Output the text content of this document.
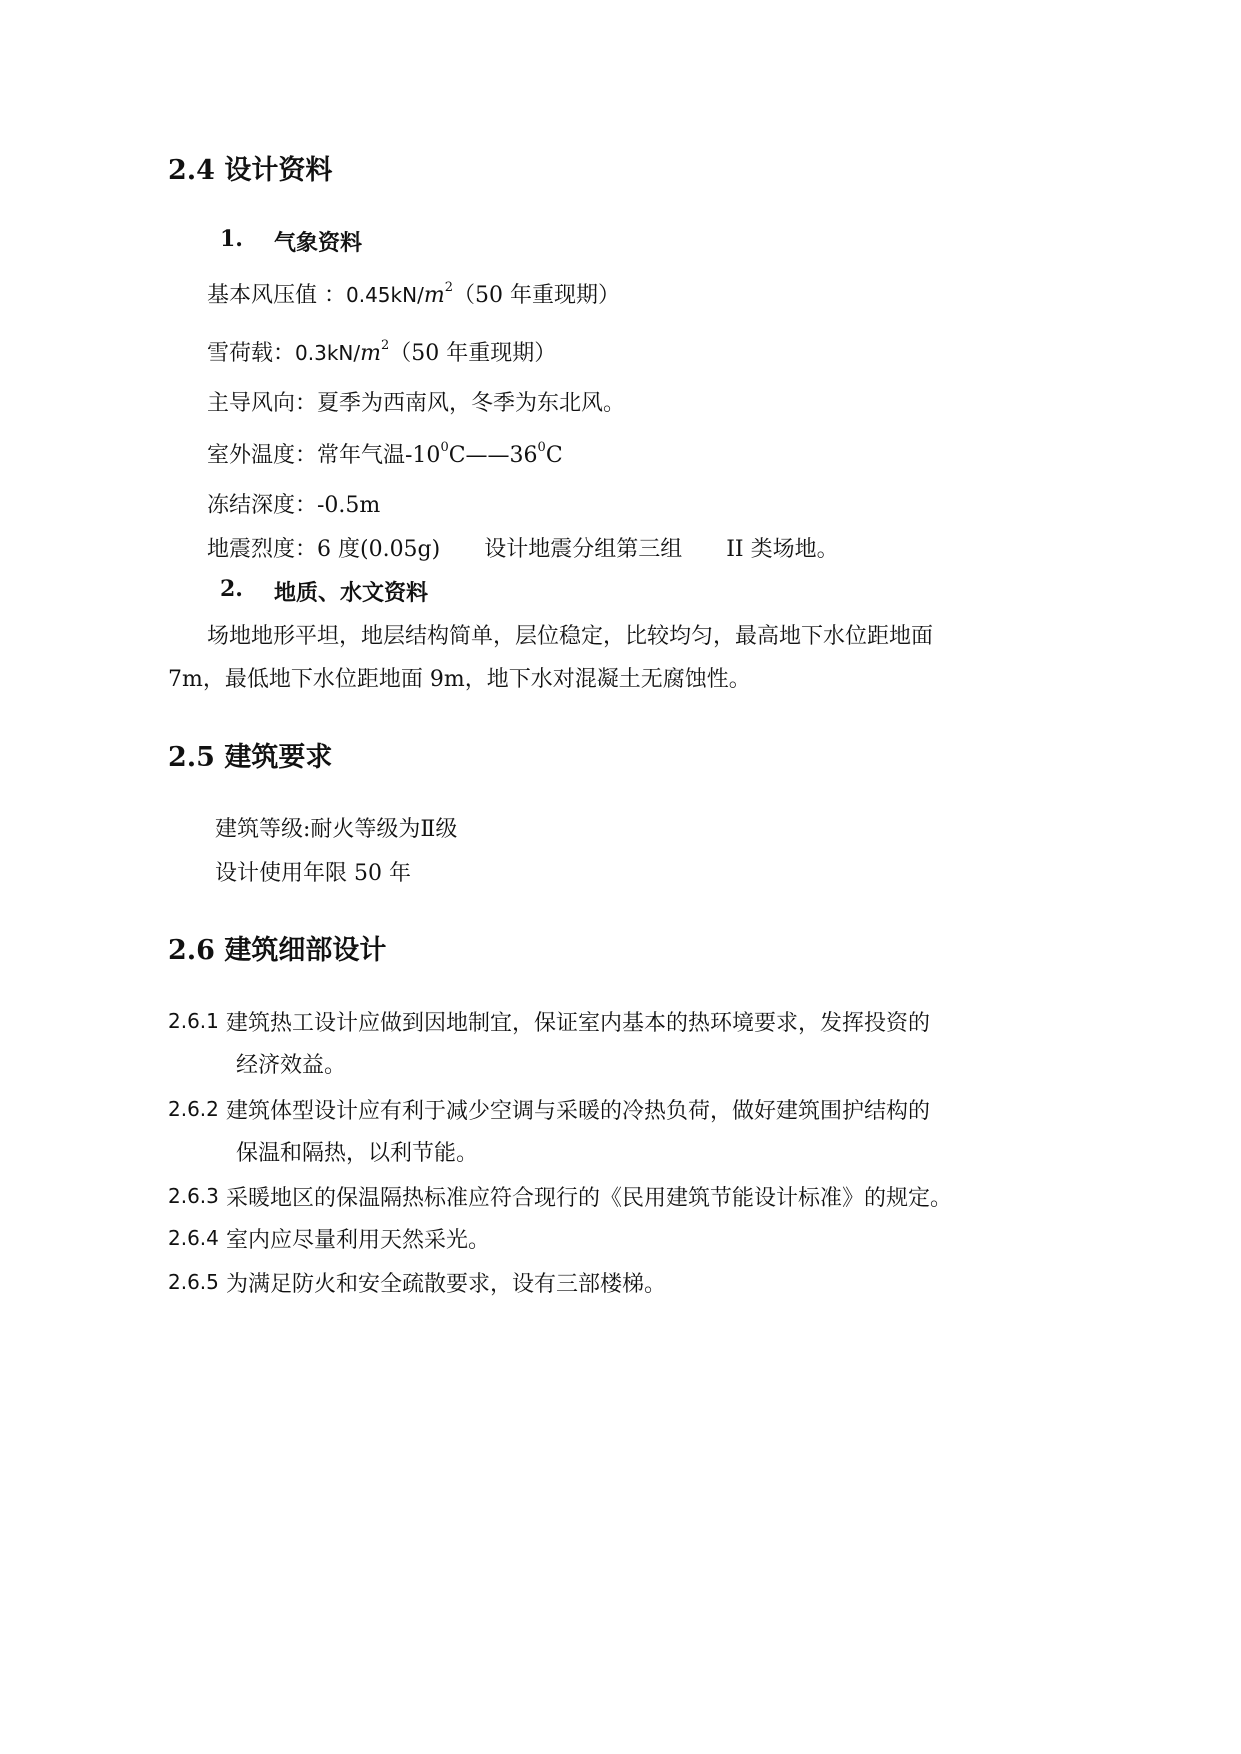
2.4 设计资料
1. 气象资料
基本风压值 ：$0.45kN/m^2(50$ 年重现期）
雪荷载：$0.3kN/m^2(50$ 年重现期）
主导风向：夏季为西南风，冬季为东北风。
室外温度：常年气温$-10^0C——36^0C$
冻结深度：-0.5m
地震烈度：6 度(0.05g)　　设计地震分组第三组　　II 类场地。
2. 地质、水文资料
场地地形平坦，地层结构简单，层位稳定，比较均匀，最高地下水位距地面
7m，最低地下水位距地面 9m，地下水对混凝土无腐蚀性。
2.5 建筑要求
建筑等级:耐火等级为Ⅱ级
设计使用年限 50 年
2.6 建筑细部设计
2.6.1 建筑热工设计应做到因地制宜，保证室内基本的热环境要求，发挥投资的
经济效益。
2.6.2 建筑体型设计应有利于减少空调与采暖的冷热负荷，做好建筑围护结构的
保温和隔热，以利节能。
2.6.3 采暖地区的保温隔热标准应符合现行的《民用建筑节能设计标准》的规定。
2.6.4 室内应尽量利用天然采光。
2.6.5 为满足防火和安全疏散要求，设有三部楼梯。
